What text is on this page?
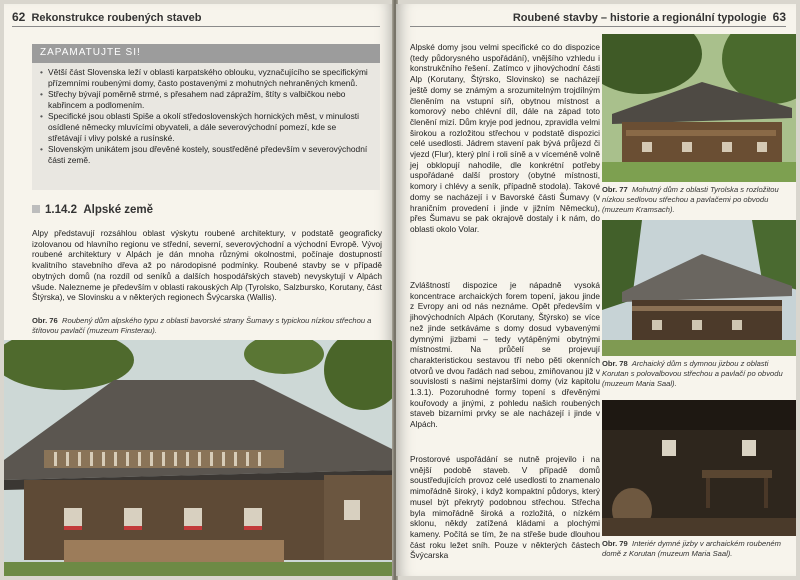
62 Rekonstrukce roubených staveb
ZAPAMATUJTE SI!
• Větší část Slovenska leží v oblasti karpatského oblouku, vyznačujícího se specifickými přízemními roubenými domy, často postavenými z mohutných nehraněných kmenů.
• Střechy bývají poměrně strmé, s přesahem nad zápražím, štíty s valbičkou nebo kabřincem a podlomením.
• Specifické jsou oblasti Spiše a okolí středoslovenských hornických měst, v minulosti osídlené německy mluvícími obyvateli, a dále severovýchodní pomezí, kde se střetávají i vlivy polské a rusínské.
• Slovenským unikátem jsou dřevěné kostely, soustředěné především v severovýchodní části země.
1.14.2 Alpské země
Alpy představují rozsáhlou oblast výskytu roubené architektury, v podstatě geograficky izolovanou od hlavního regionu ve střední, severní, severovýchodní a východní Evropě. Vývoj roubené architektury v Alpách je dán mnoha různými okolnostmi, počínaje dostupností kvalitního stavebního dřeva až po národopisné podmínky. Roubené stavby se v případě obytných domů (na rozdíl od seníků a dalších hospodářských staveb) nevyskytují v Alpách všude. Nalezneme je především v oblasti rakouských Alp (Tyrolsko, Salzbursko, Korutany, část Štýrska), ve Slovinsku a v některých regionech Švýcarska (Wallis).
Obr. 76 Roubený dům alpského typu z oblasti bavorské strany Šumavy s typickou nízkou střechou a štítovou pavlačí (muzeum Finsterau).
Roubené stavby – historie a regionální typologie 63
Alpské domy jsou velmi specifické co do dispozice (tedy půdorysného uspořádání), vnějšího vzhledu i konstrukčního řešení. Zatímco v jihovýchodní části Alp (Korutany, Štýrsko, Slovinsko) se nacházejí ještě domy se známým a srozumitelným trojdílným členěním na vstupní síň, obytnou místnost a komorový nebo chlévní díl, dále na západ toto členění mizí. Dům kryje pod jednou, zpravidla velmi širokou a rozložitou střechou v podstatě dispozici celé usedlosti. Jádrem stavení pak bývá průjezd či vjezd (Flur), který plní i roli síně a v víceméně volně jej obklopují nahodile, dle konkrétní potřeby uspořádané další prostory (obytné místnosti, komory i chlévy a seník, případně stodola). Takové domy se nacházejí i v Bavorské části Šumavy (v hraničním provedení i jinde v jižním Německu), přes Šumavu se pak okrajově dostaly i k nám, do oblasti okolo Volar.
Zvláštností dispozice je nápadně vysoká koncentrace archaických forem topení, jakou jinde z Evropy ani od nás neznáme. Opět především v jihovýchodních Alpách (Korutany, Štýrsko) se více než jinde setkáváme s domy dosud vybavenými dymnými jizbami – tedy vytápěnými obytnými místnostmi. Na průčelí se projevují charakteristickou sestavou tří nebo pěti okenních otvorů ve dvou řadách nad sebou, zmiňovanou již v souvislosti s našimi nejstaršími domy (viz kapitolu 1.3.1). Pozoruhodné formy topení s dřevěnými kouřovody a jinými, z pohledu našich roubených staveb bizarními prvky se ale nacházejí i jinde v Alpách.
Prostorové uspořádání se nutně projevilo i na vnější podobě staveb. V případě domů soustředujících provoz celé usedlosti to znamenalo mimořádně široký, i když kompaktní půdorys, který musel být překrytý podobnou střechou. Střecha byla mimořádně široká a rozložitá, o nízkém sklonu, někdy zatížená kládami a plochými kameny. Počítá se tím, že na střeše bude dlouhou část roku ležet sníh. Pouze v některých částech Švýcarska
Obr. 77 Mohutný dům z oblasti Tyrolska s rozložitou nízkou sedlovou střechou a pavlačemi po obvodu (muzeum Kramsach).
Obr. 78 Archaický dům s dymnou jizbou z oblasti Korutan s polovalbovou střechou a pavlačí po obvodu (muzeum Maria Saal).
Obr. 79 Interiér dymné jizby v archaickém roubeném domě z Korutan (muzeum Maria Saal).
